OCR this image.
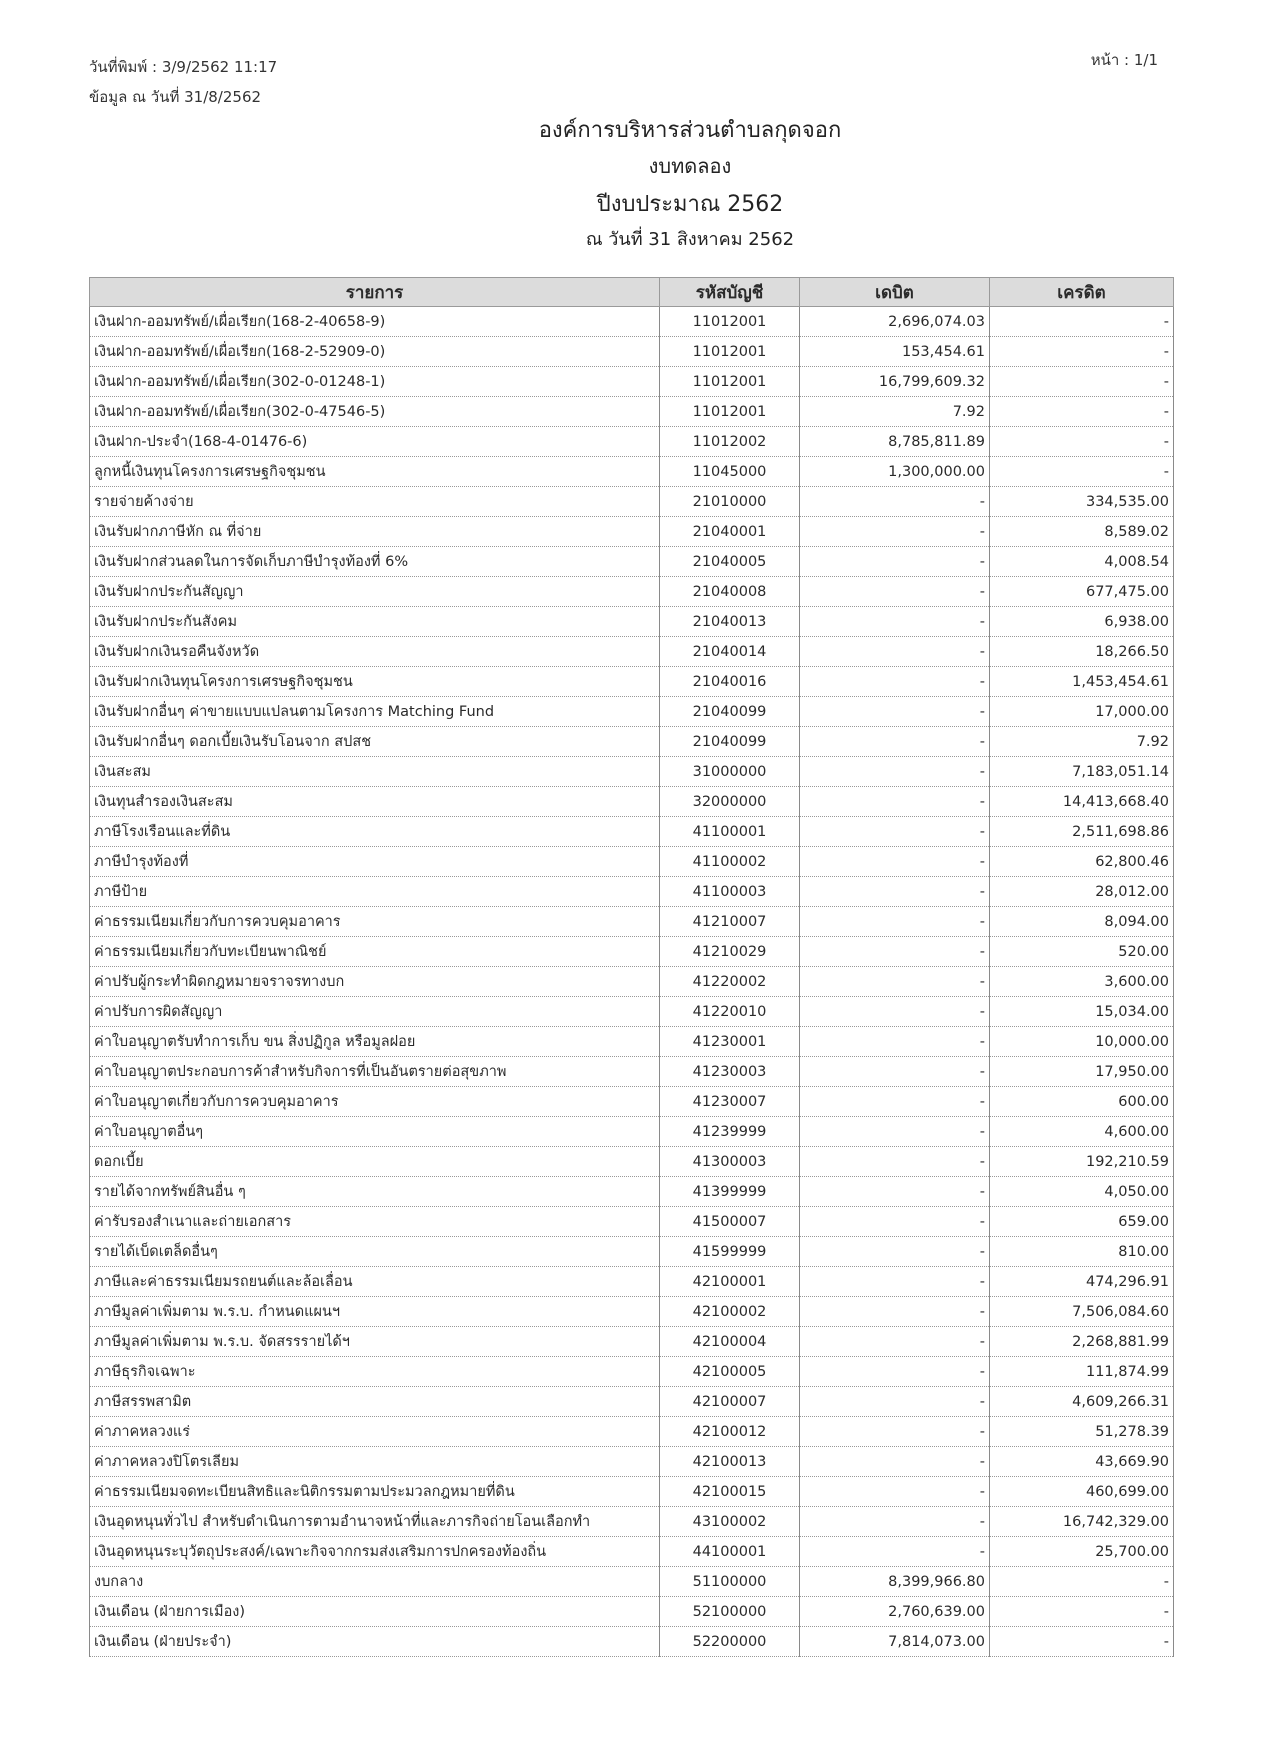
วันที่พิมพ์ : 3/9/2562 11:17
ข้อมูล ณ วันที่ 31/8/2562
หน้า : 1/1
องค์การบริหารส่วนตำบลกุดจอก
งบทดลอง
ปีงบประมาณ 2562
ณ วันที่ 31 สิงหาคม 2562
รายการ	รหัสบัญชี	เดบิต	เครดิต
เงินฝาก-ออมทรัพย์/เผื่อเรียก(168-2-40658-9)	11012001	2,696,074.03	-
เงินฝาก-ออมทรัพย์/เผื่อเรียก(168-2-52909-0)	11012001	153,454.61	-
เงินฝาก-ออมทรัพย์/เผื่อเรียก(302-0-01248-1)	11012001	16,799,609.32	-
เงินฝาก-ออมทรัพย์/เผื่อเรียก(302-0-47546-5)	11012001	7.92	-
เงินฝาก-ประจำ(168-4-01476-6)	11012002	8,785,811.89	-
ลูกหนี้เงินทุนโครงการเศรษฐกิจชุมชน	11045000	1,300,000.00	-
รายจ่ายค้างจ่าย	21010000	-	334,535.00
เงินรับฝากภาษีหัก ณ ที่จ่าย	21040001	-	8,589.02
เงินรับฝากส่วนลดในการจัดเก็บภาษีบำรุงท้องที่ 6%	21040005	-	4,008.54
เงินรับฝากประกันสัญญา	21040008	-	677,475.00
เงินรับฝากประกันสังคม	21040013	-	6,938.00
เงินรับฝากเงินรอคืนจังหวัด	21040014	-	18,266.50
เงินรับฝากเงินทุนโครงการเศรษฐกิจชุมชน	21040016	-	1,453,454.61
เงินรับฝากอื่นๆ ค่าขายแบบแปลนตามโครงการ Matching Fund	21040099	-	17,000.00
เงินรับฝากอื่นๆ ดอกเบี้ยเงินรับโอนจาก สปสช	21040099	-	7.92
เงินสะสม	31000000	-	7,183,051.14
เงินทุนสำรองเงินสะสม	32000000	-	14,413,668.40
ภาษีโรงเรือนและที่ดิน	41100001	-	2,511,698.86
ภาษีบำรุงท้องที่	41100002	-	62,800.46
ภาษีป้าย	41100003	-	28,012.00
ค่าธรรมเนียมเกี่ยวกับการควบคุมอาคาร	41210007	-	8,094.00
ค่าธรรมเนียมเกี่ยวกับทะเบียนพาณิชย์	41210029	-	520.00
ค่าปรับผู้กระทำผิดกฎหมายจราจรทางบก	41220002	-	3,600.00
ค่าปรับการผิดสัญญา	41220010	-	15,034.00
ค่าใบอนุญาตรับทำการเก็บ ขน สิ่งปฏิกูล หรือมูลฝอย	41230001	-	10,000.00
ค่าใบอนุญาตประกอบการค้าสำหรับกิจการที่เป็นอันตรายต่อสุขภาพ	41230003	-	17,950.00
ค่าใบอนุญาตเกี่ยวกับการควบคุมอาคาร	41230007	-	600.00
ค่าใบอนุญาตอื่นๆ	41239999	-	4,600.00
ดอกเบี้ย	41300003	-	192,210.59
รายได้จากทรัพย์สินอื่น ๆ	41399999	-	4,050.00
ค่ารับรองสำเนาและถ่ายเอกสาร	41500007	-	659.00
รายได้เบ็ดเตล็ดอื่นๆ	41599999	-	810.00
ภาษีและค่าธรรมเนียมรถยนต์และล้อเลื่อน	42100001	-	474,296.91
ภาษีมูลค่าเพิ่มตาม พ.ร.บ. กำหนดแผนฯ	42100002	-	7,506,084.60
ภาษีมูลค่าเพิ่มตาม พ.ร.บ. จัดสรรรายได้ฯ	42100004	-	2,268,881.99
ภาษีธุรกิจเฉพาะ	42100005	-	111,874.99
ภาษีสรรพสามิต	42100007	-	4,609,266.31
ค่าภาคหลวงแร่	42100012	-	51,278.39
ค่าภาคหลวงปิโตรเลียม	42100013	-	43,669.90
ค่าธรรมเนียมจดทะเบียนสิทธิและนิติกรรมตามประมวลกฎหมายที่ดิน	42100015	-	460,699.00
เงินอุดหนุนทั่วไป สำหรับดำเนินการตามอำนาจหน้าที่และภารกิจถ่ายโอนเลือกทำ	43100002	-	16,742,329.00
เงินอุดหนุนระบุวัตถุประสงค์/เฉพาะกิจจากกรมส่งเสริมการปกครองท้องถิ่น	44100001	-	25,700.00
งบกลาง	51100000	8,399,966.80	-
เงินเดือน (ฝ่ายการเมือง)	52100000	2,760,639.00	-
เงินเดือน (ฝ่ายประจำ)	52200000	7,814,073.00	-
